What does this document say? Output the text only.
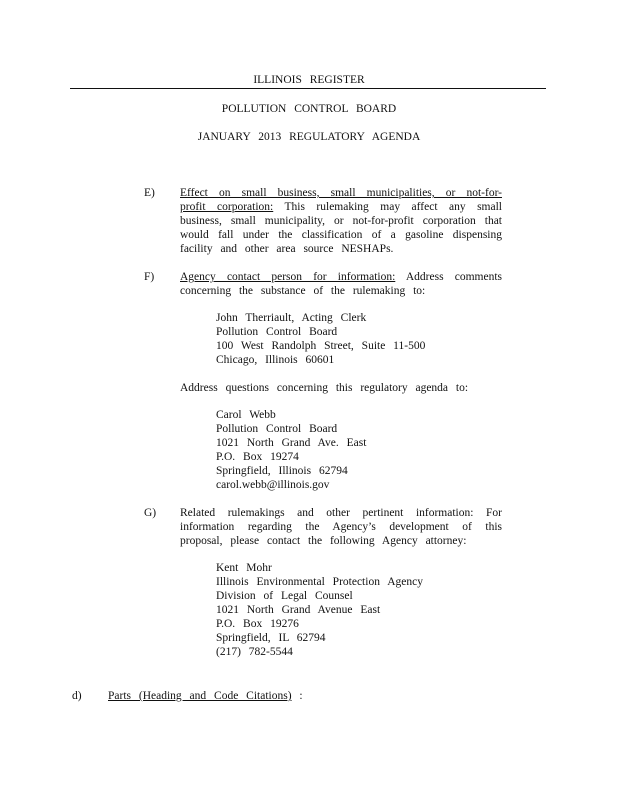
ILLINOIS REGISTER
POLLUTION CONTROL BOARD
JANUARY 2013 REGULATORY AGENDA
E) Effect on small business, small municipalities, or not-for-profit corporation: This rulemaking may affect any small business, small municipality, or not-for-profit corporation that would fall under the classification of a gasoline dispensing facility and other area source NESHAPs.
F) Agency contact person for information: Address comments concerning the substance of the rulemaking to:
John Therriault, Acting Clerk
Pollution Control Board
100 West Randolph Street, Suite 11-500
Chicago, Illinois 60601
Address questions concerning this regulatory agenda to:
Carol Webb
Pollution Control Board
1021 North Grand Ave. East
P.O. Box 19274
Springfield, Illinois 62794
carol.webb@illinois.gov
G) Related rulemakings and other pertinent information: For information regarding the Agency’s development of this proposal, please contact the following Agency attorney:
Kent Mohr
Illinois Environmental Protection Agency
Division of Legal Counsel
1021 North Grand Avenue East
P.O. Box 19276
Springfield, IL 62794
(217) 782-5544
d) Parts (Heading and Code Citations) :
